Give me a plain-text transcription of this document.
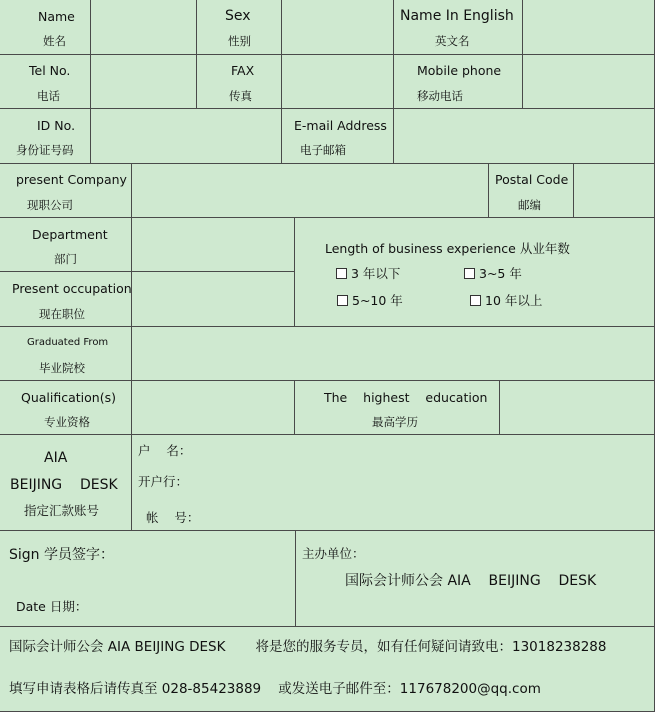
Name
姓名
Sex
性别
Name In English
英文名
Tel No.
电话
FAX
传真
Mobile phone
移动电话
ID No.
身份证号码
E-mail Address
电子邮箱
present Company
现职公司
Postal Code
邮编
Department
部门
Present occupation
现在职位
Length of business experience 从业年数
3 年以下	3~5 年
5~10 年	10 年以上
Graduated From
毕业院校
Qualification(s)
专业资格
The    highest    education
最高学历
AIA
BEIJING    DESK
指定汇款账号
户    名：
开户行：
帐    号：
Sign 学员签字：
Date 日期：
主办单位：
国际会计师公会 AIA    BEIJING    DESK
国际会计师公会 AIA BEIJING DESK       将是您的服务专员，如有任何疑问请致电：13018238288
填写申请表格后请传真至 028-85423889    或发送电子邮件至：117678200@qq.com
